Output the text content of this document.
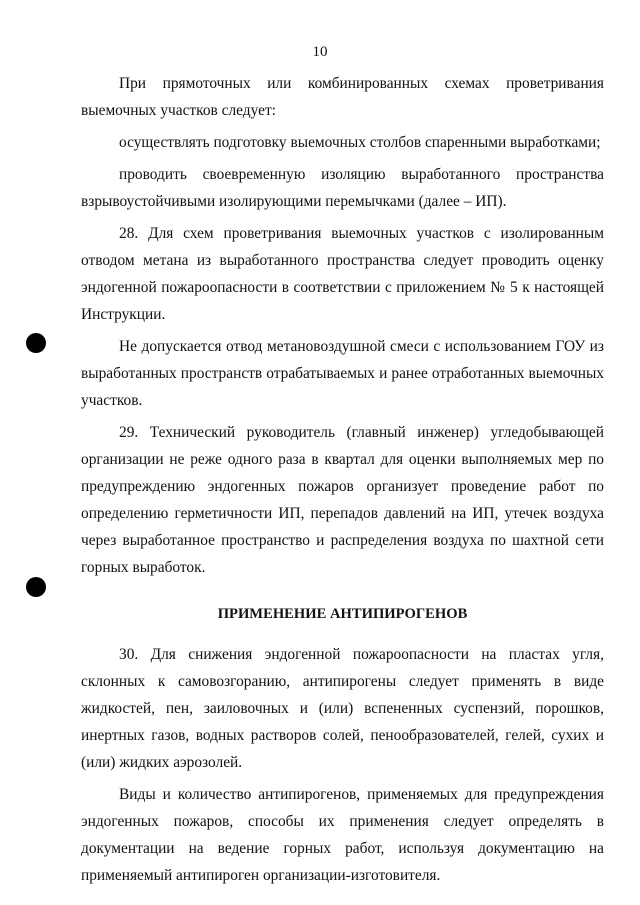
10

При прямоточных или комбинированных схемах проветривания выемочных участков следует:

осуществлять подготовку выемочных столбов спаренными выработками;

проводить своевременную изоляцию выработанного пространства взрывоустойчивыми изолирующими перемычками (далее – ИП).

28. Для схем проветривания выемочных участков с изолированным отводом метана из выработанного пространства следует проводить оценку эндогенной пожароопасности в соответствии с приложением № 5 к настоящей Инструкции.

Не допускается отвод метановоздушной смеси с использованием ГОУ из выработанных пространств отрабатываемых и ранее отработанных выемочных участков.

29. Технический руководитель (главный инженер) угледобывающей организации не реже одного раза в квартал для оценки выполняемых мер по предупреждению эндогенных пожаров организует проведение работ по определению герметичности ИП, перепадов давлений на ИП, утечек воздуха через выработанное пространство и распределения воздуха по шахтной сети горных выработок.

ПРИМЕНЕНИЕ АНТИПИРОГЕНОВ

30. Для снижения эндогенной пожароопасности на пластах угля, склонных к самовозгоранию, антипирогены следует применять в виде жидкостей, пен, заиловочных и (или) вспененных суспензий, порошков, инертных газов, водных растворов солей, пенообразователей, гелей, сухих и (или) жидких аэрозолей.

Виды и количество антипирогенов, применяемых для предупреждения эндогенных пожаров, способы их применения следует определять в документации на ведение горных работ, используя документацию на применяемый антипироген организации-изготовителя.
